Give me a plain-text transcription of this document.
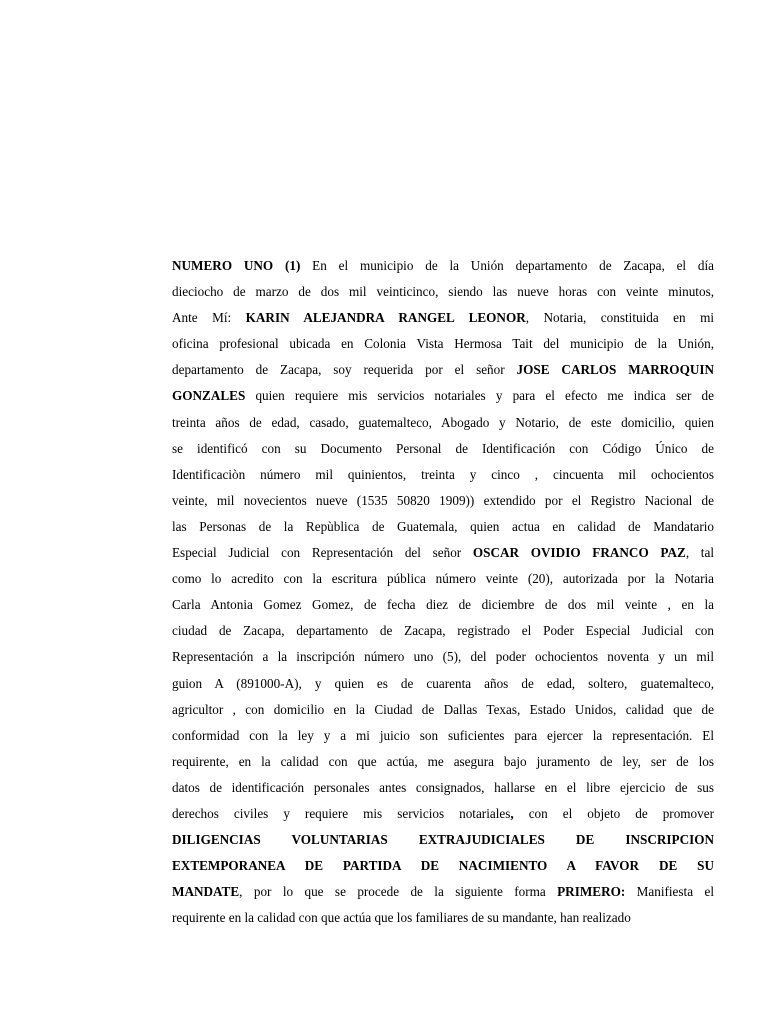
NUMERO UNO (1) En el municipio de la Unión departamento de Zacapa, el día
dieciocho de marzo de dos mil veinticinco, siendo las nueve horas con veinte minutos,
Ante Mí: KARIN ALEJANDRA RANGEL LEONOR, Notaria, constituida en mi
oficina profesional ubicada en Colonia Vista Hermosa Tait del municipio de la Unión,
departamento de Zacapa, soy requerida por el señor JOSE CARLOS MARROQUIN
GONZALES quien requiere mis servicios notariales y para el efecto me indica ser de
treinta años de edad, casado, guatemalteco, Abogado y Notario, de este domicilio, quien
se identificó con su Documento Personal de Identificación con Código Único de
Identificaciòn número mil quinientos, treinta y cinco , cincuenta mil ochocientos
veinte, mil novecientos nueve (1535 50820 1909)) extendido por el Registro Nacional de
las Personas de la Repùblica de Guatemala, quien actua en calidad de Mandatario
Especial Judicial con Representación del señor OSCAR OVIDIO FRANCO PAZ, tal
como lo acredito con la escritura pública número veinte (20), autorizada por la Notaria
Carla Antonia Gomez Gomez, de fecha diez de diciembre de dos mil veinte , en la
ciudad de Zacapa, departamento de Zacapa, registrado el Poder Especial Judicial con
Representación a la inscripción número uno (5), del poder ochocientos noventa y un mil
guion A (891000-A), y quien es de cuarenta años de edad, soltero, guatemalteco,
agricultor , con domicilio en la Ciudad de Dallas Texas, Estado Unidos, calidad que de
conformidad con la ley y a mi juicio son suficientes para ejercer la representación. El
requirente, en la calidad con que actúa, me asegura bajo juramento de ley, ser de los
datos de identificación personales antes consignados, hallarse en el libre ejercicio de sus
derechos civiles y requiere mis servicios notariales, con el objeto de promover
DILIGENCIAS VOLUNTARIAS EXTRAJUDICIALES DE INSCRIPCION
EXTEMPORANEA DE PARTIDA DE NACIMIENTO A FAVOR DE SU
MANDATE, por lo que se procede de la siguiente forma PRIMERO: Manifiesta el
requirente en la calidad con que actúa que los familiares de su mandante, han realizado
